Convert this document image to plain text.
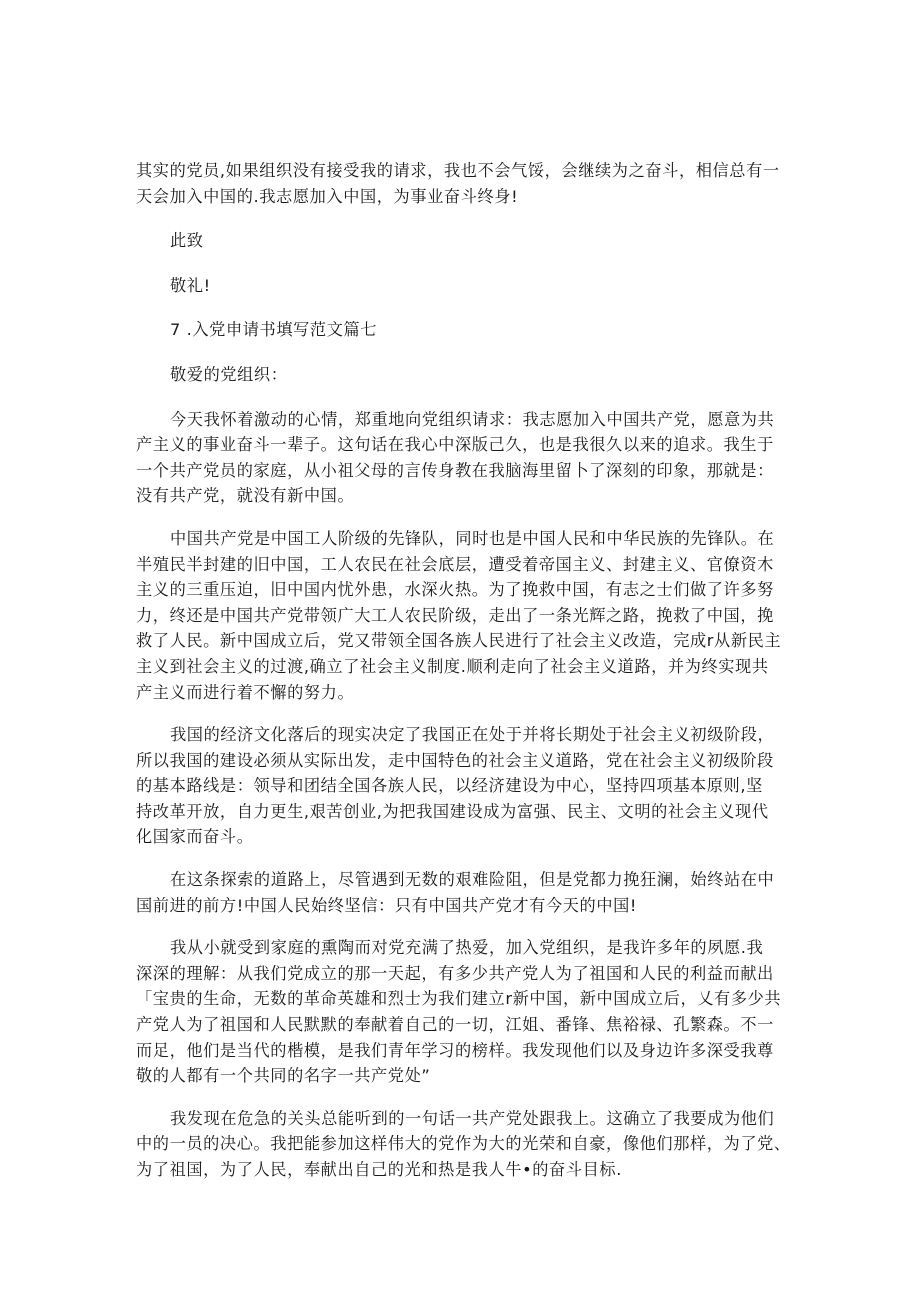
其实的党员,如果组织没有接受我的请求，我也不会气馁，会继续为之奋斗，相信总有一
天会加入中国的.我志愿加入中国，为事业奋斗终身!

此致

敬礼!

7 .入党申请书填写范文篇七

敬爱的党组织：

今天我怀着激动的心情，郑重地向党组织请求：我志愿加入中国共产党，愿意为共
产主义的事业奋斗一辈子。这句话在我心中深版己久，也是我很久以来的追求。我生于
一个共产党员的家庭，从小祖父母的言传身教在我脑海里留卜了深刻的印象，那就是：
没有共产党，就没有新中国。

中国共产党是中国工人阶级的先锋队，同时也是中国人民和中华民族的先锋队。在
半殖民半封建的旧中国，工人农民在社会底层，遭受着帝国主义、封建主义、官僚资木
主义的三重压迫，旧中国内忧外患，水深火热。为了挽救中国，有志之士们做了许多努
力，终还是中国共产党带领广大工人农民阶级，走出了一条光辉之路，挽救了中国，挽
救了人民。新中国成立后，党又带领全国各族人民进行了社会主义改造，完成r从新民主
主义到社会主义的过渡,确立了社会主义制度.顺利走向了社会主义道路，并为终实现共
产主义而进行着不懈的努力。

我国的经济文化落后的现实决定了我国正在处于并将长期处于社会主义初级阶段，
所以我国的建设必须从实际出发，走中国特色的社会主义道路，党在社会主义初级阶段
的基本路线是：领导和团结全国各族人民，以经济建设为中心，坚持四项基本原则,坚
持改革开放，自力更生,艰苦创业,为把我国建设成为富强、民主、文明的社会主义现代
化国家而奋斗。

在这条探索的道路上，尽管遇到无数的艰难险阻，但是党都力挽狂澜，始终站在中
国前进的前方!中国人民始终坚信：只有中国共产党才有今天的中国!

我从小就受到家庭的熏陶而对党充满了热爱，加入党组织，是我许多年的夙愿.我
深深的理解：从我们党成立的那一天起，有多少共产党人为了祖国和人民的利益而献出
「宝贵的生命，无数的革命英雄和烈士为我们建立r新中国，新中国成立后，乂有多少共
产党人为了祖国和人民默默的奉献着自己的一切，江姐、番锋、焦裕禄、孔繁森。不一
而足，他们是当代的楷模，是我们青年学习的榜样。我发现他们以及身边许多深受我尊
敬的人都有一个共同的名字一共产党处”

我发现在危急的关头总能听到的一句话一共产党处跟我上。这确立了我要成为他们
中的一员的决心。我把能参加这样伟大的党作为大的光荣和自豪，像他们那样，为了党、
为了祖国，为了人民，奉献出自己的光和热是我人牛•的奋斗目标.
